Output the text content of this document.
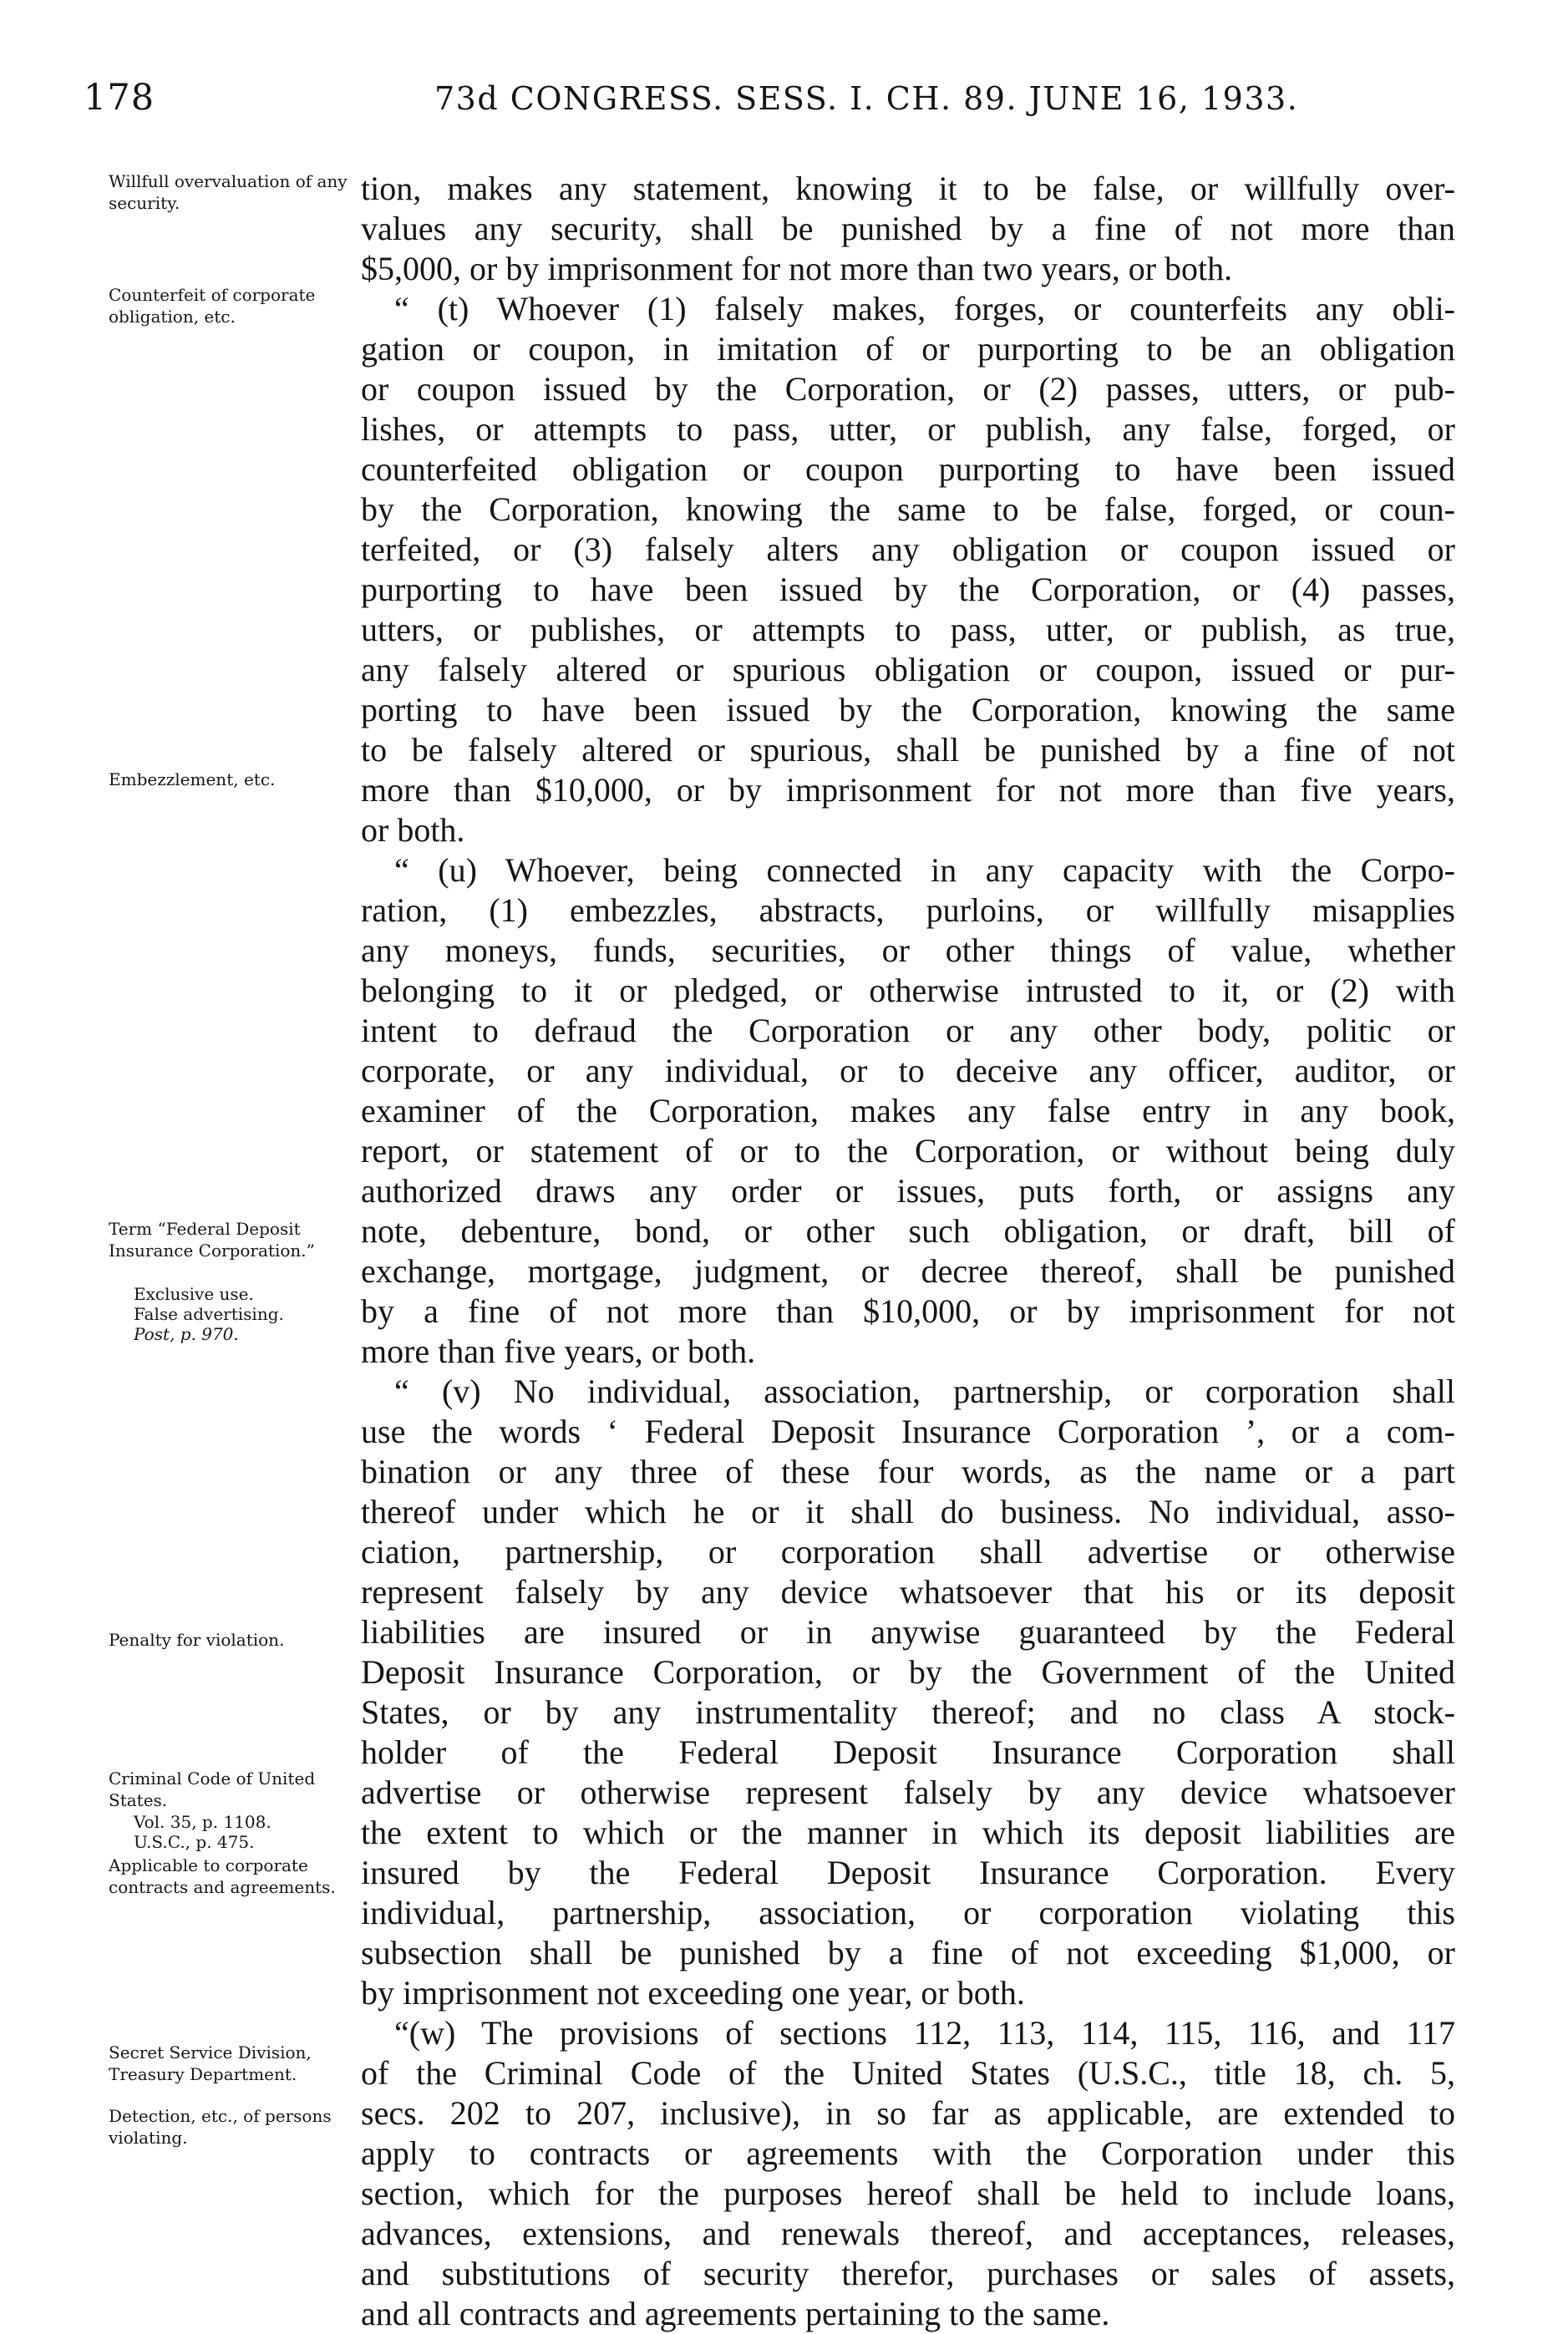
178	73d CONGRESS. SESS. I. CH. 89. JUNE 16, 1933.
Willfull overvaluation of any security.
Counterfeit of corporate obligation, etc.
Embezzlement, etc.
Term “Federal Deposit Insurance Corporation.”
Exclusive use.
False advertising.
Post, p. 970.
Penalty for violation.
Criminal Code of United States.
Vol. 35, p. 1108.
U.S.C., p. 475.
Applicable to corporate contracts and agreements.
Secret Service Division, Treasury Department.
Detection, etc., of persons violating.
tion, makes any statement, knowing it to be false, or willfully over-
values any security, shall be punished by a fine of not more than
$5,000, or by imprisonment for not more than two years, or both.
“ (t) Whoever (1) falsely makes, forges, or counterfeits any obli-
gation or coupon, in imitation of or purporting to be an obligation
or coupon issued by the Corporation, or (2) passes, utters, or pub-
lishes, or attempts to pass, utter, or publish, any false, forged, or
counterfeited obligation or coupon purporting to have been issued
by the Corporation, knowing the same to be false, forged, or coun-
terfeited, or (3) falsely alters any obligation or coupon issued or
purporting to have been issued by the Corporation, or (4) passes,
utters, or publishes, or attempts to pass, utter, or publish, as true,
any falsely altered or spurious obligation or coupon, issued or pur-
porting to have been issued by the Corporation, knowing the same
to be falsely altered or spurious, shall be punished by a fine of not
more than $10,000, or by imprisonment for not more than five years,
or both.
“ (u) Whoever, being connected in any capacity with the Corpo-
ration, (1) embezzles, abstracts, purloins, or willfully misapplies
any moneys, funds, securities, or other things of value, whether
belonging to it or pledged, or otherwise intrusted to it, or (2) with
intent to defraud the Corporation or any other body, politic or
corporate, or any individual, or to deceive any officer, auditor, or
examiner of the Corporation, makes any false entry in any book,
report, or statement of or to the Corporation, or without being duly
authorized draws any order or issues, puts forth, or assigns any
note, debenture, bond, or other such obligation, or draft, bill of
exchange, mortgage, judgment, or decree thereof, shall be punished
by a fine of not more than $10,000, or by imprisonment for not
more than five years, or both.
“ (v) No individual, association, partnership, or corporation shall
use the words ‘ Federal Deposit Insurance Corporation ’, or a com-
bination or any three of these four words, as the name or a part
thereof under which he or it shall do business. No individual, asso-
ciation, partnership, or corporation shall advertise or otherwise
represent falsely by any device whatsoever that his or its deposit
liabilities are insured or in anywise guaranteed by the Federal
Deposit Insurance Corporation, or by the Government of the United
States, or by any instrumentality thereof; and no class A stock-
holder of the Federal Deposit Insurance Corporation shall
advertise or otherwise represent falsely by any device whatsoever
the extent to which or the manner in which its deposit liabilities are
insured by the Federal Deposit Insurance Corporation. Every
individual, partnership, association, or corporation violating this
subsection shall be punished by a fine of not exceeding $1,000, or
by imprisonment not exceeding one year, or both.
“(w) The provisions of sections 112, 113, 114, 115, 116, and 117
of the Criminal Code of the United States (U.S.C., title 18, ch. 5,
secs. 202 to 207, inclusive), in so far as applicable, are extended to
apply to contracts or agreements with the Corporation under this
section, which for the purposes hereof shall be held to include loans,
advances, extensions, and renewals thereof, and acceptances, releases,
and substitutions of security therefor, purchases or sales of assets,
and all contracts and agreements pertaining to the same.
